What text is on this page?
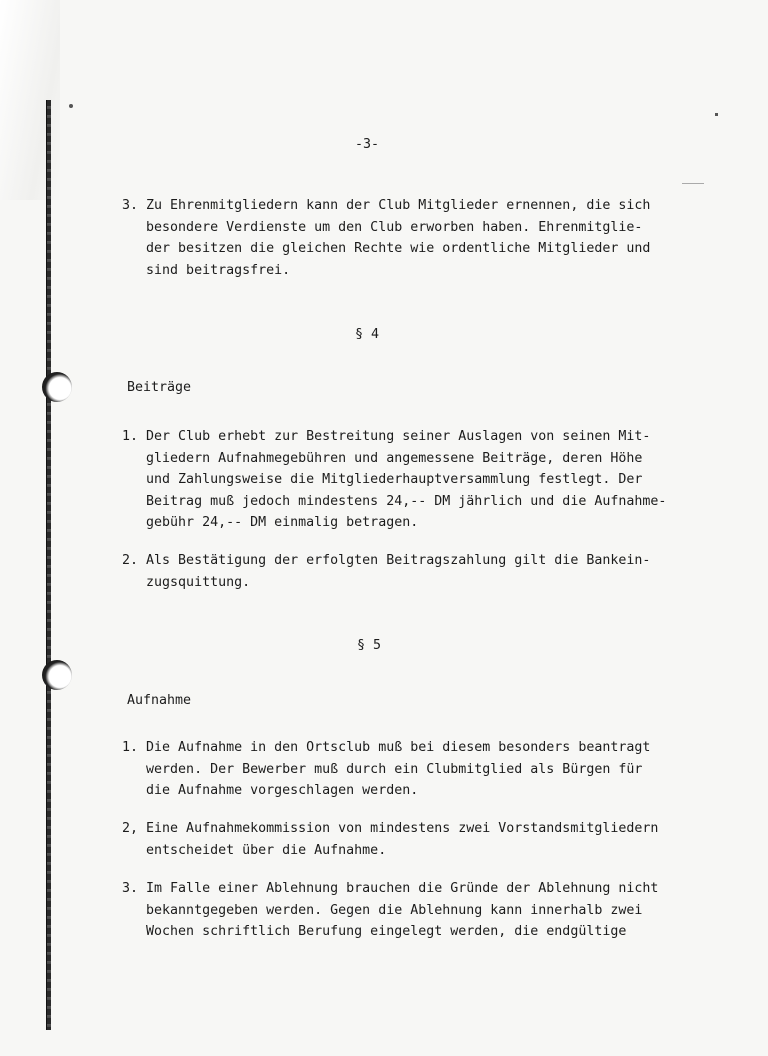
-3-
3. Zu Ehrenmitgliedern kann der Club Mitglieder ernennen, die sich
besondere Verdienste um den Club erworben haben. Ehrenmitglie-
der besitzen die gleichen Rechte wie ordentliche Mitglieder und
sind beitragsfrei.
§ 4
Beiträge
1. Der Club erhebt zur Bestreitung seiner Auslagen von seinen Mit-
gliedern Aufnahmegebühren und angemessene Beiträge, deren Höhe
und Zahlungsweise die Mitgliederhauptversammlung festlegt. Der
Beitrag muß jedoch mindestens 24,-- DM jährlich und die Aufnahme-
gebühr 24,-- DM einmalig betragen.
2. Als Bestätigung der erfolgten Beitragszahlung gilt die Bankein-
zugsquittung.
§ 5
Aufnahme
1. Die Aufnahme in den Ortsclub muß bei diesem besonders beantragt
werden. Der Bewerber muß durch ein Clubmitglied als Bürgen für
die Aufnahme vorgeschlagen werden.
2, Eine Aufnahmekommission von mindestens zwei Vorstandsmitgliedern
entscheidet über die Aufnahme.
3. Im Falle einer Ablehnung brauchen die Gründe der Ablehnung nicht
bekanntgegeben werden. Gegen die Ablehnung kann innerhalb zwei
Wochen schriftlich Berufung eingelegt werden, die endgültige
